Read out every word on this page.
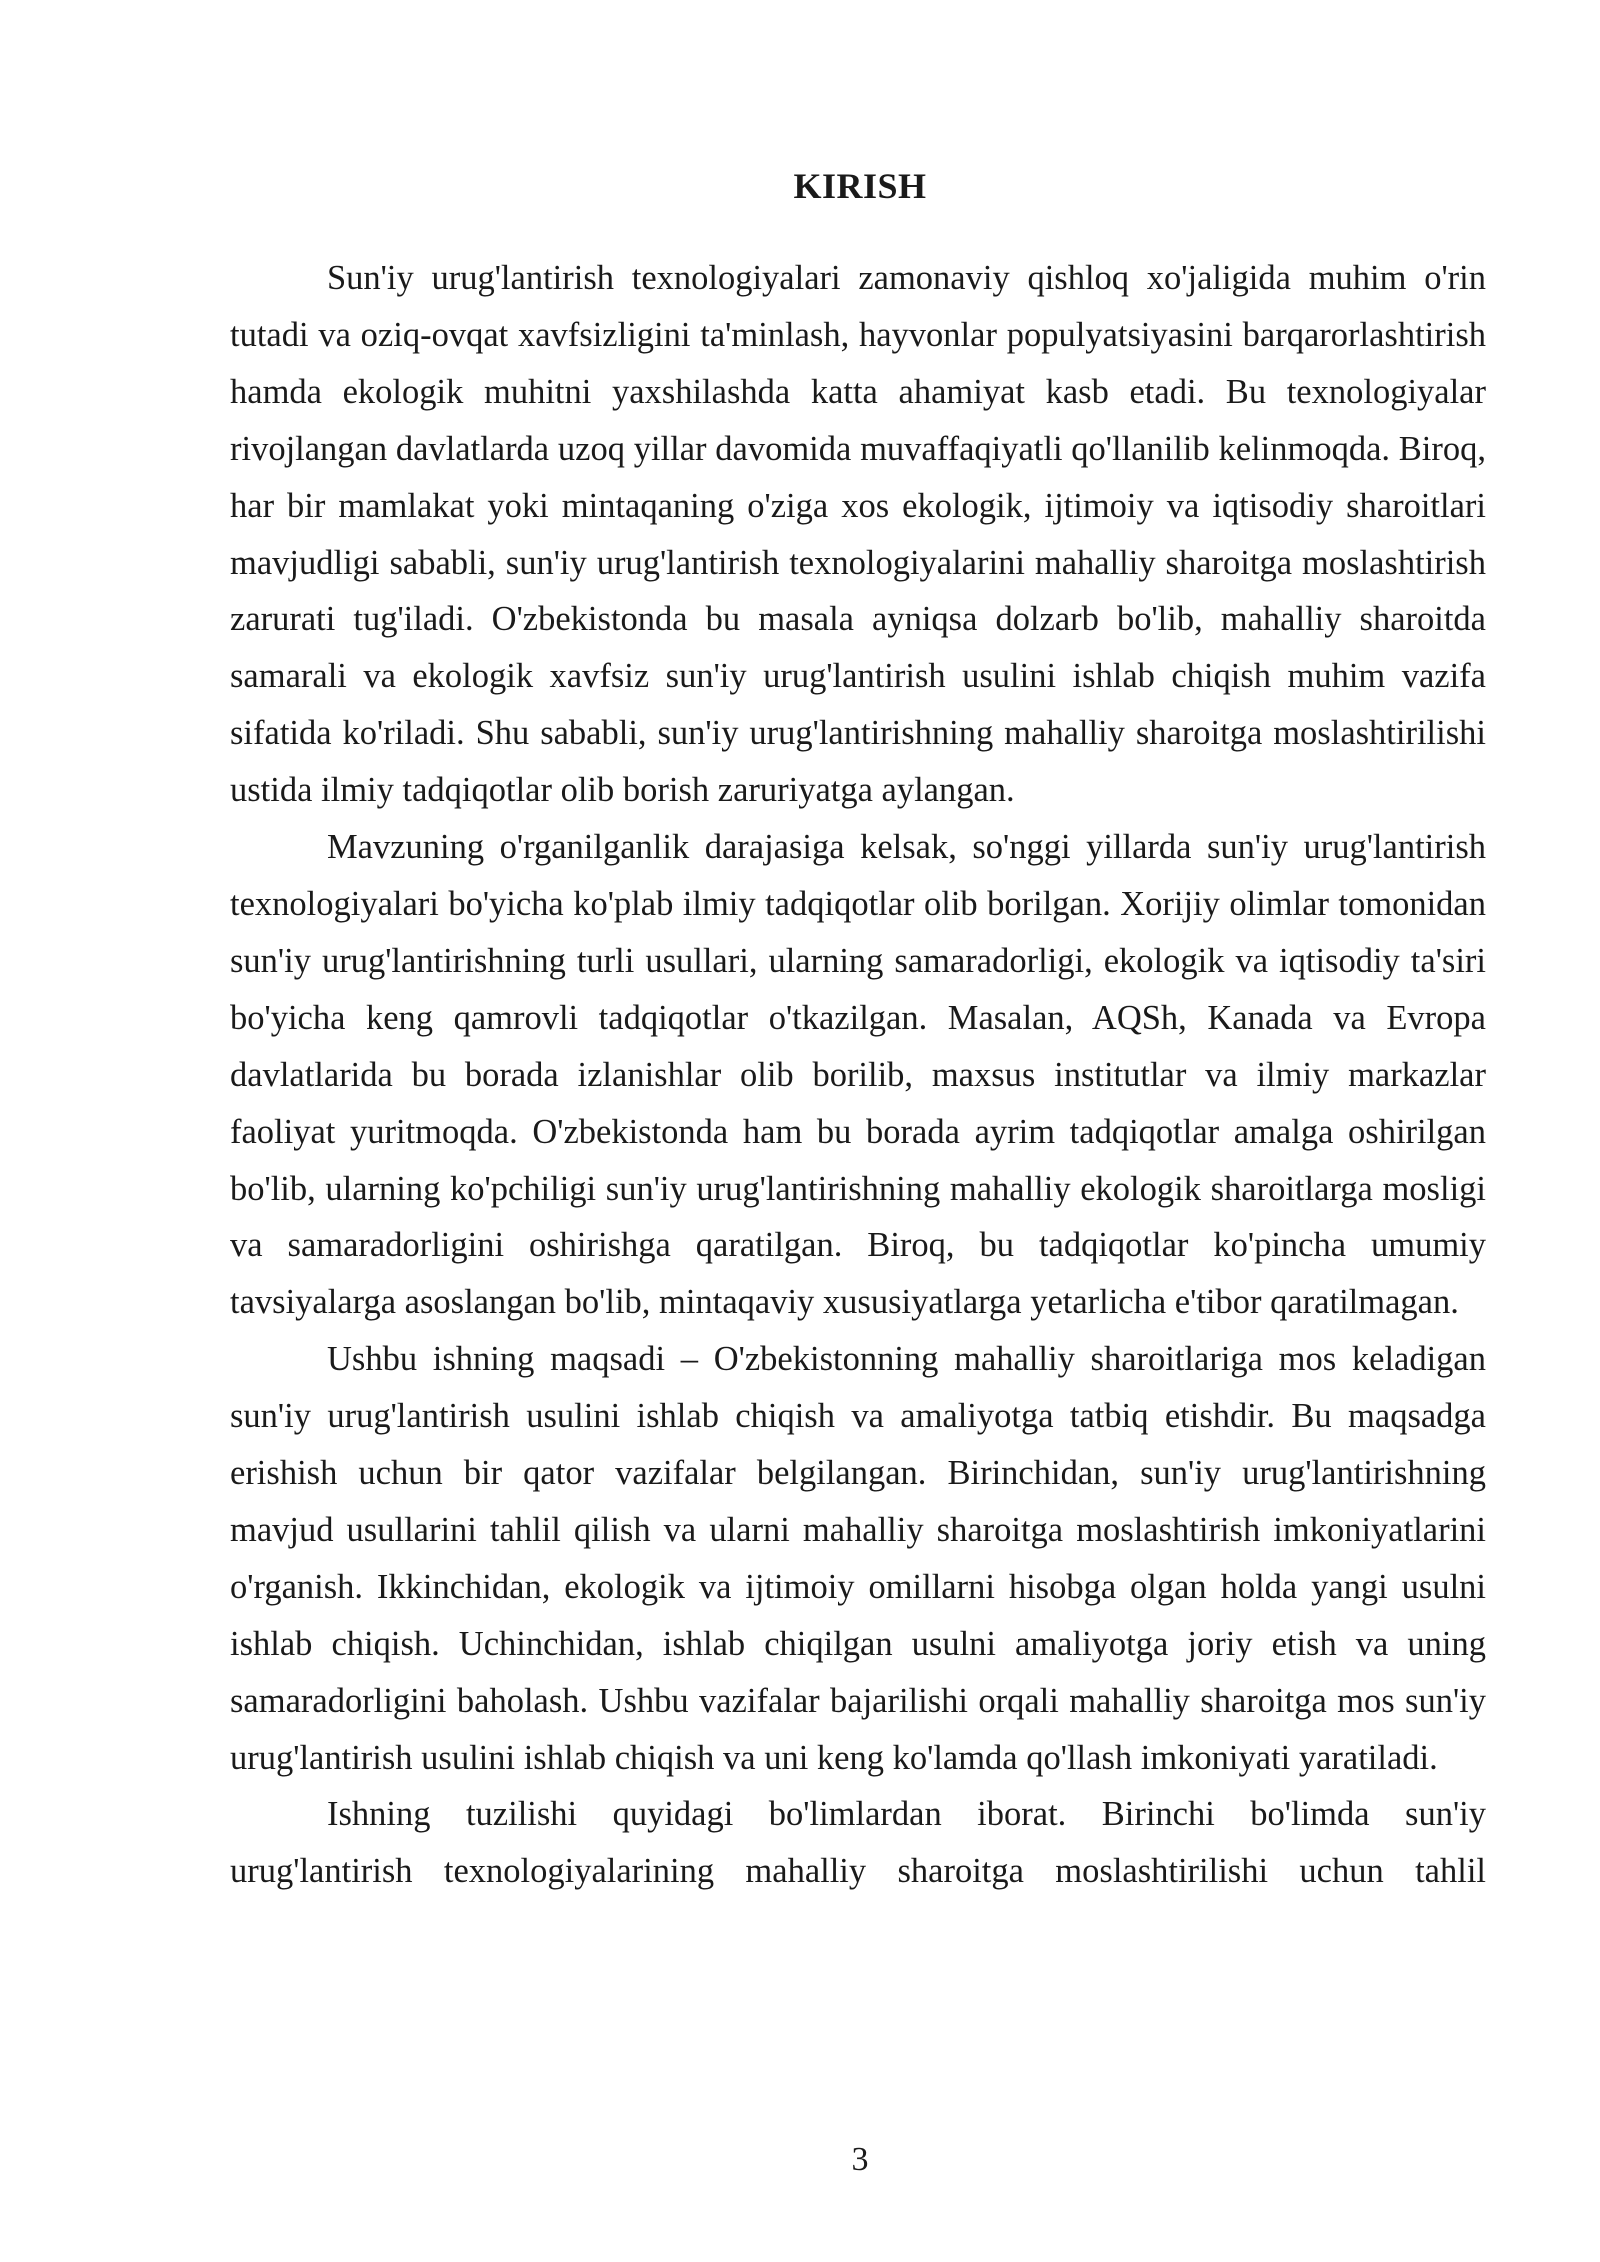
KIRISH

Sun'iy urug'lantirish texnologiyalari zamonaviy qishloq xo'jaligida muhim o'rin tutadi va oziq-ovqat xavfsizligini ta'minlash, hayvonlar populyatsiyasini barqarorlashtirish hamda ekologik muhitni yaxshilashda katta ahamiyat kasb etadi. Bu texnologiyalar rivojlangan davlatlarda uzoq yillar davomida muvaffaqiyatli qo'llanilib kelinmoqda. Biroq, har bir mamlakat yoki mintaqaning o'ziga xos ekologik, ijtimoiy va iqtisodiy sharoitlari mavjudligi sababli, sun'iy urug'lantirish texnologiyalarini mahalliy sharoitga moslashtirish zarurati tug'iladi. O'zbekistonda bu masala ayniqsa dolzarb bo'lib, mahalliy sharoitda samarali va ekologik xavfsiz sun'iy urug'lantirish usulini ishlab chiqish muhim vazifa sifatida ko'riladi. Shu sababli, sun'iy urug'lantirishning mahalliy sharoitga moslashtirilishi ustida ilmiy tadqiqotlar olib borish zaruriyatga aylangan.

Mavzuning o'rganilganlik darajasiga kelsak, so'nggi yillarda sun'iy urug'lantirish texnologiyalari bo'yicha ko'plab ilmiy tadqiqotlar olib borilgan. Xorijiy olimlar tomonidan sun'iy urug'lantirishning turli usullari, ularning samaradorligi, ekologik va iqtisodiy ta'siri bo'yicha keng qamrovli tadqiqotlar o'tkazilgan. Masalan, AQSh, Kanada va Evropa davlatlarida bu borada izlanishlar olib borilib, maxsus institutlar va ilmiy markazlar faoliyat yuritmoqda. O'zbekistonda ham bu borada ayrim tadqiqotlar amalga oshirilgan bo'lib, ularning ko'pchiligi sun'iy urug'lantirishning mahalliy ekologik sharoitlarga mosligi va samaradorligini oshirishga qaratilgan. Biroq, bu tadqiqotlar ko'pincha umumiy tavsiyalarga asoslangan bo'lib, mintaqaviy xususiyatlarga yetarlicha e'tibor qaratilmagan.

Ushbu ishning maqsadi – O'zbekistonning mahalliy sharoitlariga mos keladigan sun'iy urug'lantirish usulini ishlab chiqish va amaliyotga tatbiq etishdir. Bu maqsadga erishish uchun bir qator vazifalar belgilangan. Birinchidan, sun'iy urug'lantirishning mavjud usullarini tahlil qilish va ularni mahalliy sharoitga moslashtirish imkoniyatlarini o'rganish. Ikkinchidan, ekologik va ijtimoiy omillarni hisobga olgan holda yangi usulni ishlab chiqish. Uchinchidan, ishlab chiqilgan usulni amaliyotga joriy etish va uning samaradorligini baholash. Ushbu vazifalar bajarilishi orqali mahalliy sharoitga mos sun'iy urug'lantirish usulini ishlab chiqish va uni keng ko'lamda qo'llash imkoniyati yaratiladi.

Ishning tuzilishi quyidagi bo'limlardan iborat. Birinchi bo'limda sun'iy urug'lantirish texnologiyalarining mahalliy sharoitga moslashtirilishi uchun tahlil

3
